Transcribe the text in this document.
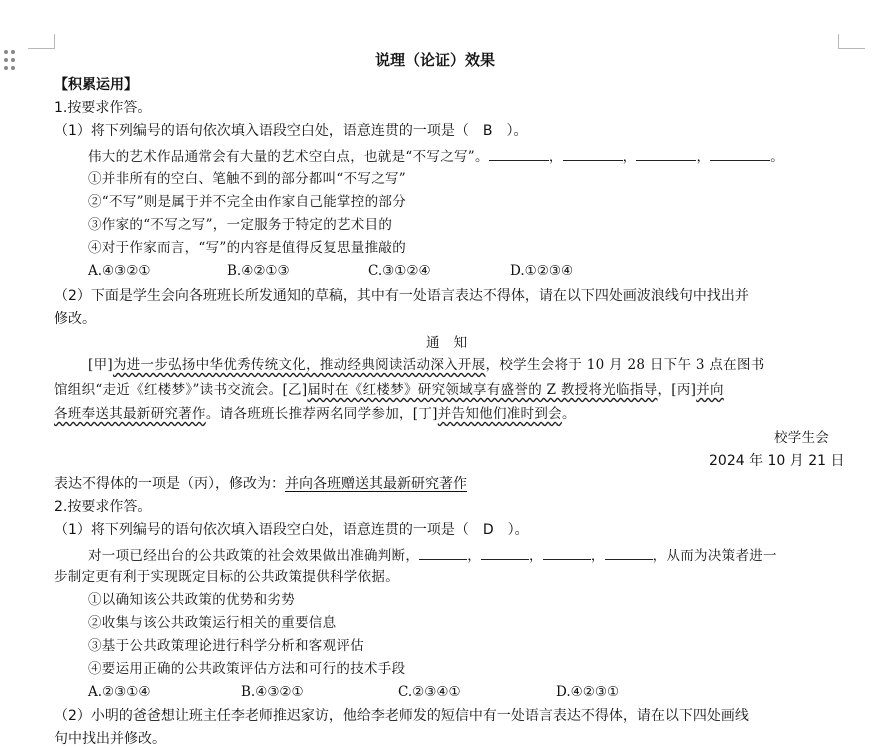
说理（论证）效果
【积累运用】
1.按要求作答。
（1）将下列编号的语句依次填入语段空白处，语意连贯的一项是（　B　）。
伟大的艺术作品通常会有大量的艺术空白点，也就是“不写之写”。	，	，	，	。
①并非所有的空白、笔触不到的部分都叫“不写之写”
②“不写”则是属于并不完全由作家自己能掌控的部分
③作家的“不写之写”，一定服务于特定的艺术目的
④对于作家而言，“写”的内容是值得反复思量推敲的
A.④③②①	B.④②①③	C.③①②④	D.①②③④
（2）下面是学生会向各班班长所发通知的草稿，其中有一处语言表达不得体，请在以下四处画波浪线句中找出并
修改。
通　知
[甲]为进一步弘扬中华优秀传统文化，推动经典阅读活动深入开展，校学生会将于 10 月 28 日下午 3 点在图书
馆组织“走近《红楼梦》”读书交流会。[乙]届时在《红楼梦》研究领域享有盛誉的 Z 教授将光临指导，[丙]并向
各班奉送其最新研究著作。请各班班长推荐两名同学参加，[丁]并告知他们准时到会。
校学生会
2024 年 10 月 21 日
表达不得体的一项是（丙），修改为：并向各班赠送其最新研究著作
2.按要求作答。
（1）将下列编号的语句依次填入语段空白处，语意连贯的一项是（　D　）。
对一项已经出台的公共政策的社会效果做出准确判断，	，	，	，	，从而为决策者进一
步制定更有利于实现既定目标的公共政策提供科学依据。
①以确知该公共政策的优势和劣势
②收集与该公共政策运行相关的重要信息
③基于公共政策理论进行科学分析和客观评估
④要运用正确的公共政策评估方法和可行的技术手段
A.②③①④	B.④③②①	C.②③④①	D.④②③①
（2）小明的爸爸想让班主任李老师推迟家访，他给李老师发的短信中有一处语言表达不得体，请在以下四处画线
句中找出并修改。
